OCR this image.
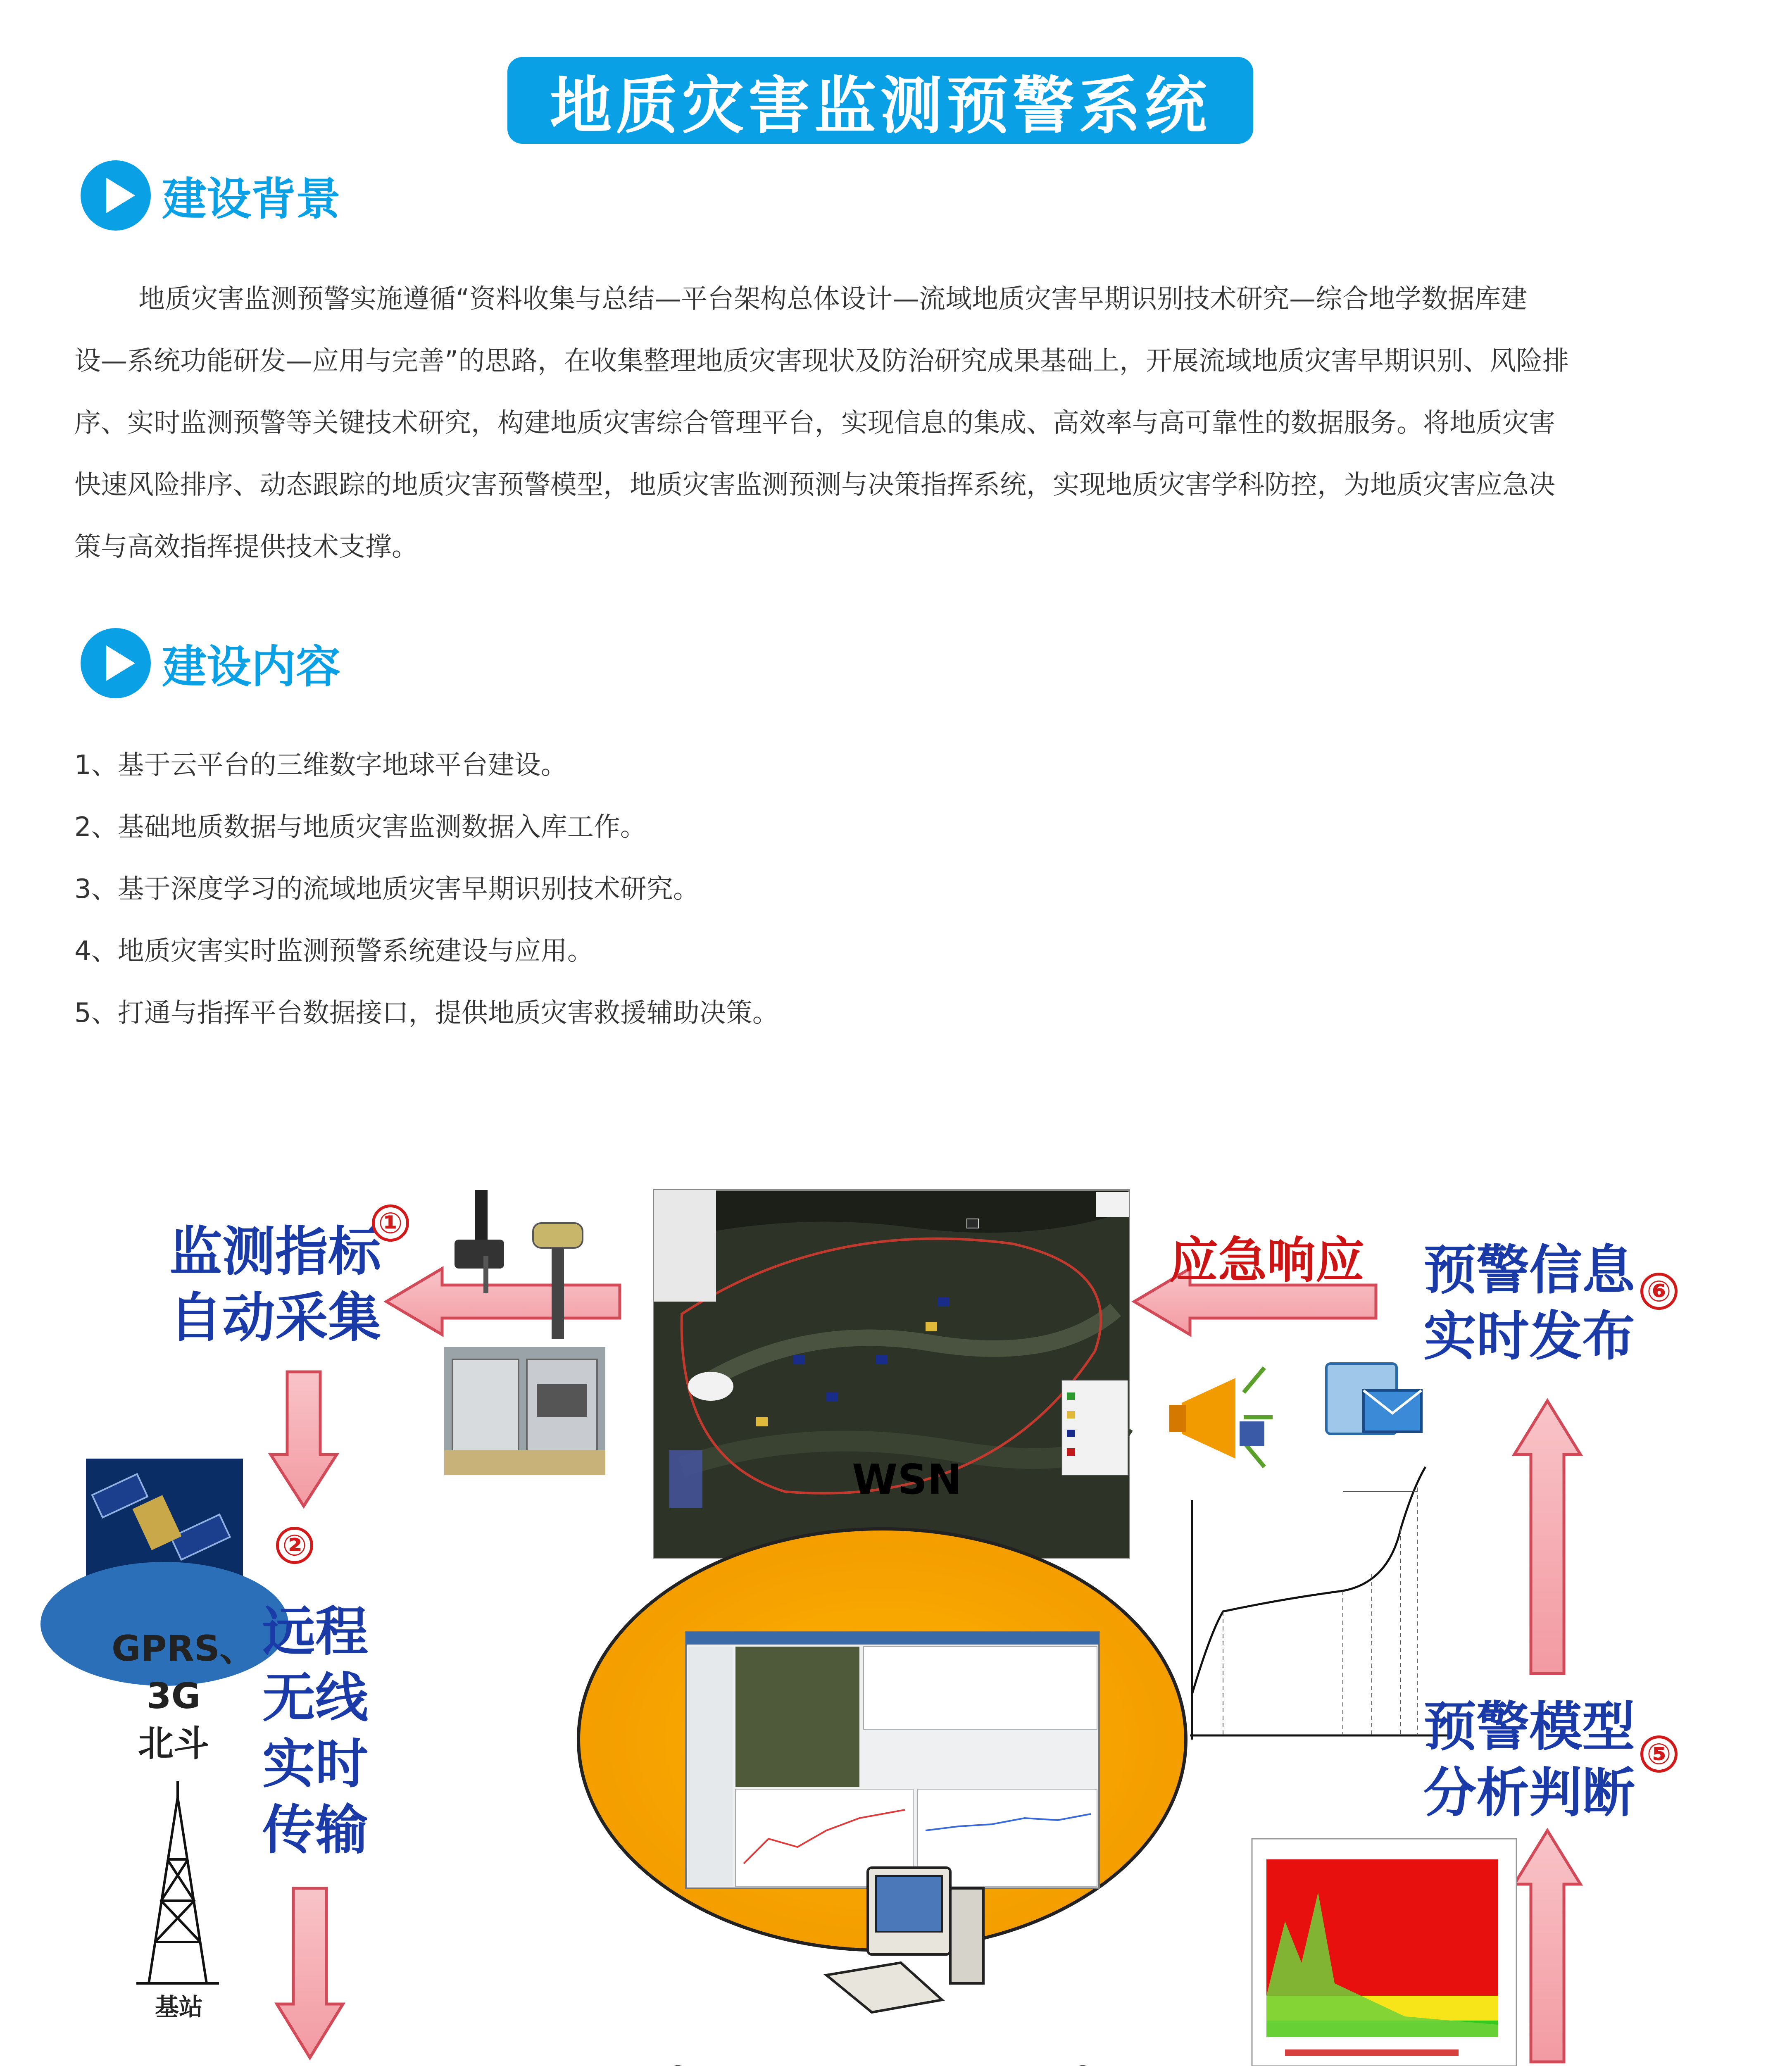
地质灾害监测预警系统
建设背景
地质灾害监测预警实施遵循“资料收集与总结—平台架构总体设计—流域地质灾害早期识别技术研究—综合地学数据库建
设—系统功能研发—应用与完善”的思路，在收集整理地质灾害现状及防治研究成果基础上，开展流域地质灾害早期识别、风险排
序、实时监测预警等关键技术研究，构建地质灾害综合管理平台，实现信息的集成、高效率与高可靠性的数据服务。将地质灾害
快速风险排序、动态跟踪的地质灾害预警模型，地质灾害监测预测与决策指挥系统，实现地质灾害学科防控，为地质灾害应急决
策与高效指挥提供技术支撑。
建设内容
1、基于云平台的三维数字地球平台建设。
2、基础地质数据与地质灾害监测数据入库工作。
3、基于深度学习的流域地质灾害早期识别技术研究。
4、地质灾害实时监测预警系统建设与应用。
5、打通与指挥平台数据接口，提供地质灾害救援辅助决策。
WSN
监测指标
自动采集
①
②
远程
无线
实时
传输
GPRS、
3G
北斗
基站
预警模型
分析判断
⑤
预警信息
实时发布
⑥
应急响应
